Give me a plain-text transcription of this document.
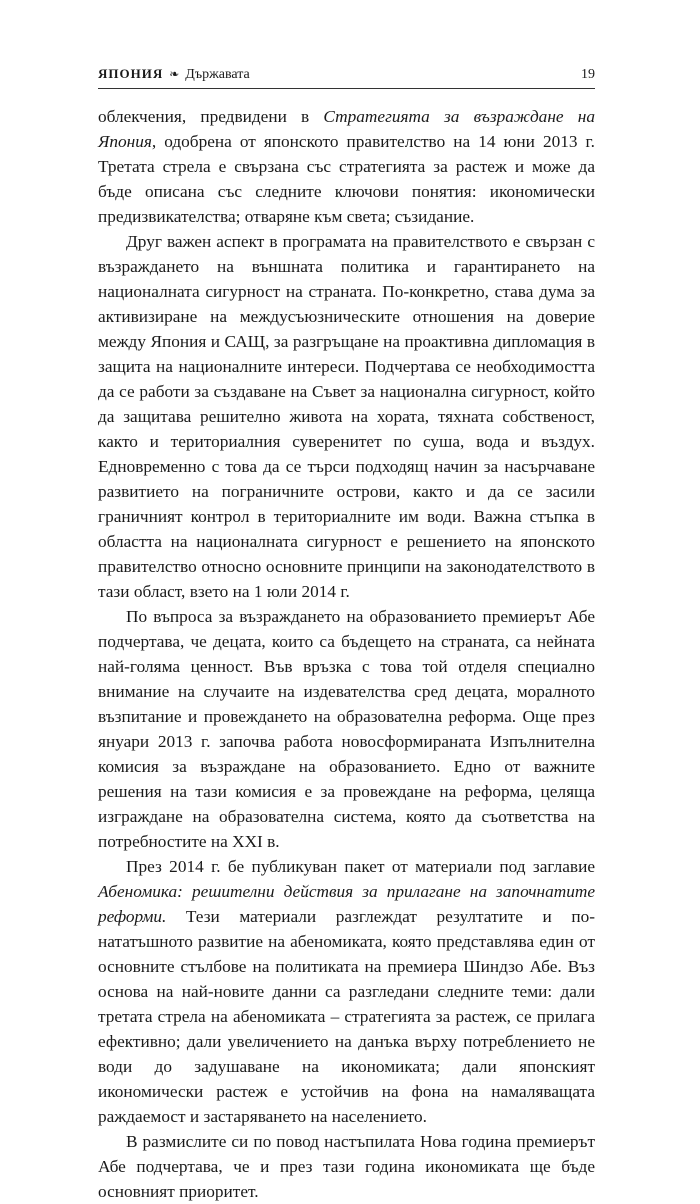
ЯПОНИЯ ❧ Държавата	19

облекчения, предвидени в Стратегията за възраждане на Япония, одобрена от японското правителство на 14 юни 2013 г. Третата стрела е свързана със стратегията за растеж и може да бъде описана със следните ключови понятия: икономически предизвикателства; отваряне към света; съзидание.

Друг важен аспект в програмата на правителството е свързан с възраждането на външната политика и гарантирането на националната сигурност на страната. По-конкретно, става дума за активизиране на междусъюзническите отношения на доверие между Япония и САЩ, за разгръщане на проактивна дипломация в защита на националните интереси. Подчертава се необходимостта да се работи за създаване на Съвет за национална сигурност, който да защитава решително живота на хората, тяхната собственост, както и териториалния суверенитет по суша, вода и въздух. Едновременно с това да се търси подходящ начин за насърчаване развитието на пограничните острови, както и да се засили граничният контрол в териториалните им води. Важна стъпка в областта на националната сигурност е решението на японското правителство относно основните принципи на законодателството в тази област, взето на 1 юли 2014 г.

По въпроса за възраждането на образованието премиерът Абе подчертава, че децата, които са бъдещето на страната, са нейната най-голяма ценност. Във връзка с това той отделя специално внимание на случаите на издевателства сред децата, моралното възпитание и провеждането на образователна реформа. Още през януари 2013 г. започва работа новосформираната Изпълнителна комисия за възраждане на образованието. Едно от важните решения на тази комисия е за провеждане на реформа, целяща изграждане на образователна система, която да съответства на потребностите на XXI в.

През 2014 г. бе публикуван пакет от материали под заглавие Абеномика: решителни действия за прилагане на започнатите реформи. Тези материали разглеждат резултатите и по-нататъшното развитие на абеномиката, която представлява един от основните стълбове на политиката на премиера Шиндзо Абе. Въз основа на най-новите данни са разгледани следните теми: дали третата стрела на абеномиката – стратегията за растеж, се прилага ефективно; дали увеличението на данъка върху потреблението не води до задушаване на икономиката; дали японският икономически растеж е устойчив на фона на намаляващата раждаемост и застаряването на населението.

В размислите си по повод настъпилата Нова година премиерът Абе подчертава, че и през тази година икономиката ще бъде основният приоритет.
